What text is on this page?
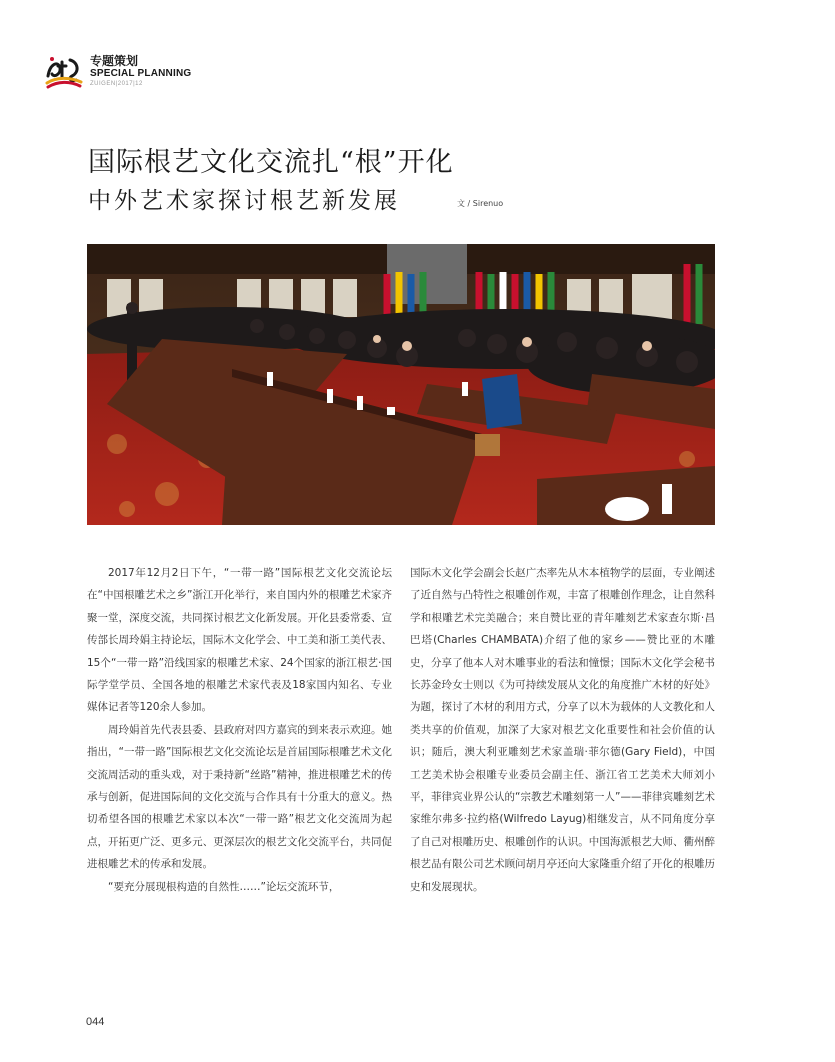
专题策划
SPECIAL PLANNING
ZUIGEN|2017|12
国际根艺文化交流扎“根”开化
中外艺术家探讨根艺新发展	文 / Sirenuo

2017年12月2日下午，“一带一路”国际根艺文化交流论坛在“中国根雕艺术之乡”浙江开化举行，来自国内外的根雕艺术家齐聚一堂，深度交流，共同探讨根艺文化新发展。开化县委常委、宣传部长周玲娟主持论坛，国际木文化学会、中工美和浙工美代表、15个“一带一路”沿线国家的根雕艺术家、24个国家的浙江根艺·国际学堂学员、全国各地的根雕艺术家代表及18家国内知名、专业媒体记者等120余人参加。

周玲娟首先代表县委、县政府对四方嘉宾的到来表示欢迎。她指出，“一带一路”国际根艺文化交流论坛是首届国际根雕艺术文化交流周活动的重头戏，对于秉持新“丝路”精神，推进根雕艺术的传承与创新，促进国际间的文化交流与合作具有十分重大的意义。热切希望各国的根雕艺术家以本次“一带一路”根艺文化交流周为起点，开拓更广泛、更多元、更深层次的根艺文化交流平台，共同促进根雕艺术的传承和发展。

“要充分展现根构造的自然性……”论坛交流环节，

国际木文化学会副会长赵广杰率先从木本植物学的层面，专业阐述了近自然与凸特性之根雕创作观，丰富了根雕创作理念，让自然科学和根雕艺术完美融合；来自赞比亚的青年雕刻艺术家查尔斯·昌巴塔(Charles CHAMBATA)介绍了他的家乡——赞比亚的木雕史，分享了他本人对木雕事业的看法和憧憬；国际木文化学会秘书长苏金玲女士则以《为可持续发展从文化的角度推广木材的好处》为题，探讨了木材的利用方式，分享了以木为载体的人文教化和人类共享的价值观，加深了大家对根艺文化重要性和社会价值的认识；随后，澳大利亚雕刻艺术家盖瑞·菲尔德(Gary Field)，中国工艺美术协会根雕专业委员会副主任、浙江省工艺美术大师刘小平，菲律宾业界公认的“宗教艺术雕刻第一人”——菲律宾雕刻艺术家维尔弗多·拉约格(Wilfredo Layug)相继发言，从不同角度分享了自己对根雕历史、根雕创作的认识。中国海派根艺大师、衢州醉根艺品有限公司艺术顾问胡月亭还向大家隆重介绍了开化的根雕历史和发展现状。

044
